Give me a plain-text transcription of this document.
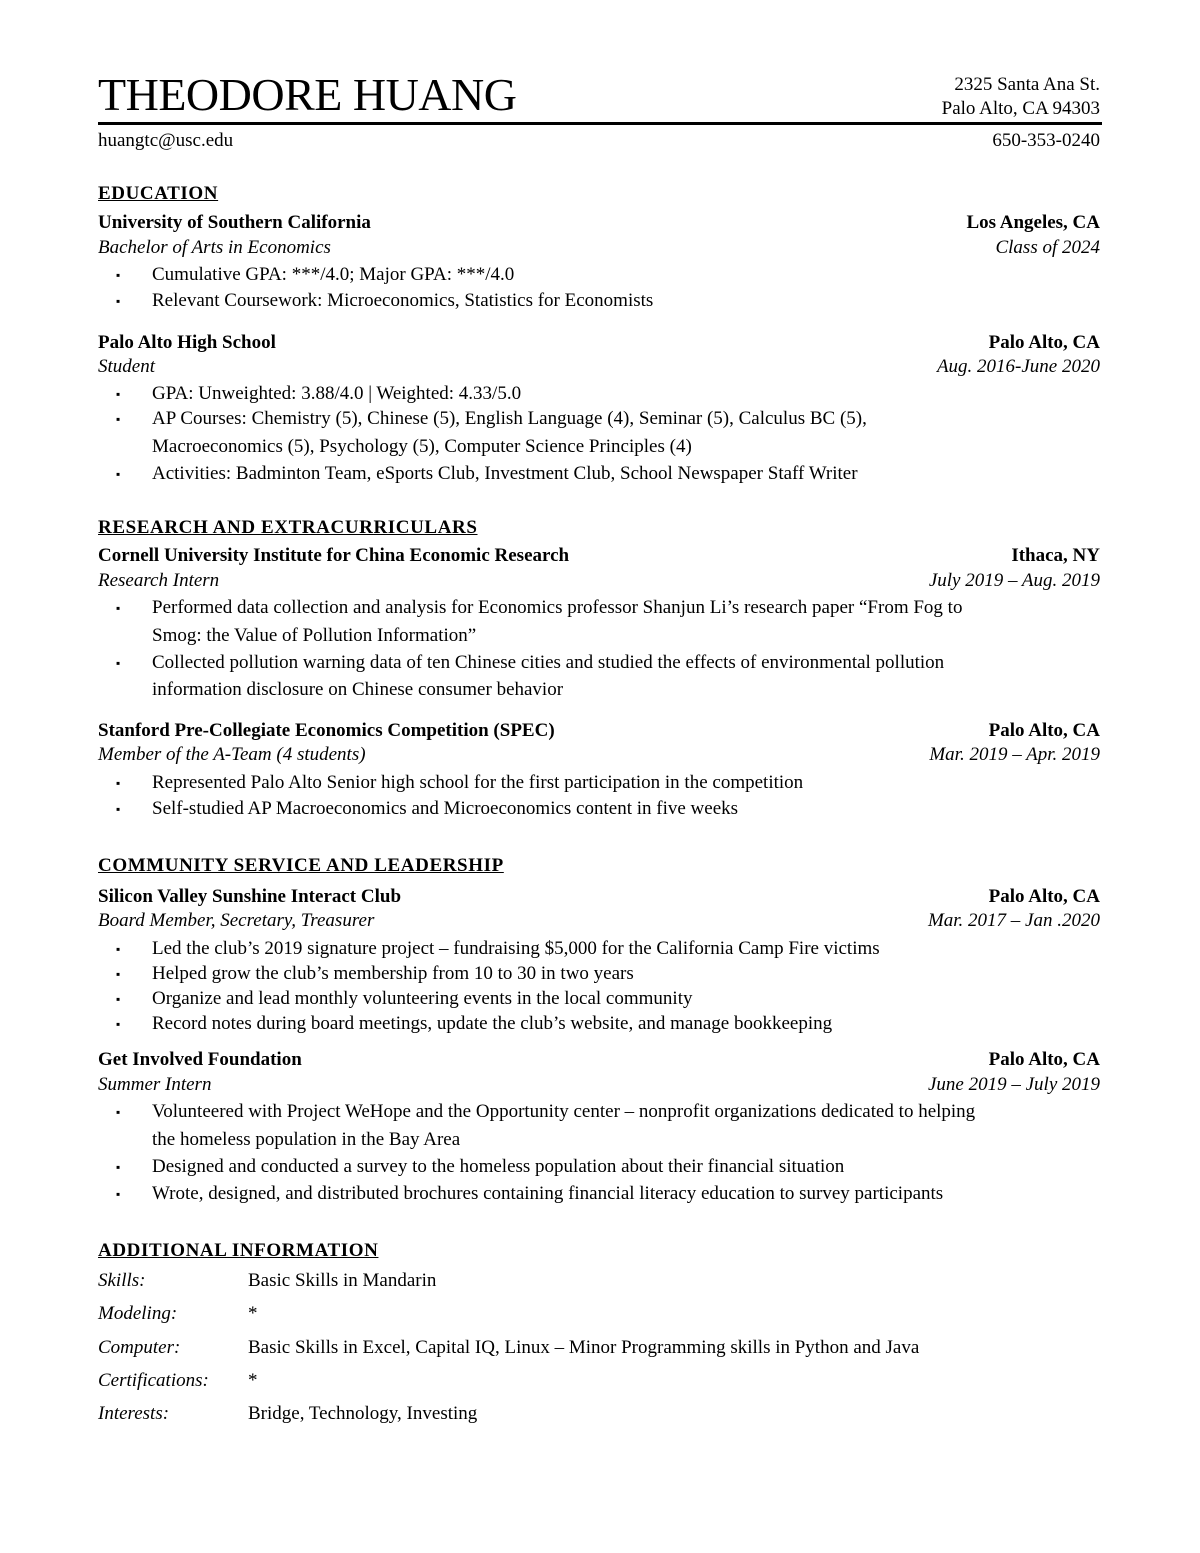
THEODORE HUANG	2325 Santa Ana St.
Palo Alto, CA 94303
huangtc@usc.edu	650-353-0240
EDUCATION
University of Southern California	Los Angeles, CA
Bachelor of Arts in Economics	Class of 2024
▪ Cumulative GPA: ***/4.0; Major GPA: ***/4.0
▪ Relevant Coursework: Microeconomics, Statistics for Economists
Palo Alto High School	Palo Alto, CA
Student	Aug. 2016-June 2020
▪ GPA: Unweighted: 3.88/4.0 | Weighted: 4.33/5.0
▪ AP Courses: Chemistry (5), Chinese (5), English Language (4), Seminar (5), Calculus BC (5),
Macroeconomics (5), Psychology (5), Computer Science Principles (4)
▪ Activities: Badminton Team, eSports Club, Investment Club, School Newspaper Staff Writer
RESEARCH AND EXTRACURRICULARS
Cornell University Institute for China Economic Research	Ithaca, NY
Research Intern	July 2019 – Aug. 2019
▪ Performed data collection and analysis for Economics professor Shanjun Li’s research paper “From Fog to
Smog: the Value of Pollution Information”
▪ Collected pollution warning data of ten Chinese cities and studied the effects of environmental pollution
information disclosure on Chinese consumer behavior
Stanford Pre-Collegiate Economics Competition (SPEC)	Palo Alto, CA
Member of the A-Team (4 students)	Mar. 2019 – Apr. 2019
▪ Represented Palo Alto Senior high school for the first participation in the competition
▪ Self-studied AP Macroeconomics and Microeconomics content in five weeks
COMMUNITY SERVICE AND LEADERSHIP
Silicon Valley Sunshine Interact Club	Palo Alto, CA
Board Member, Secretary, Treasurer	Mar. 2017 – Jan .2020
▪ Led the club’s 2019 signature project – fundraising $5,000 for the California Camp Fire victims
▪ Helped grow the club’s membership from 10 to 30 in two years
▪ Organize and lead monthly volunteering events in the local community
▪ Record notes during board meetings, update the club’s website, and manage bookkeeping
Get Involved Foundation	Palo Alto, CA
Summer Intern	June 2019 – July 2019
▪ Volunteered with Project WeHope and the Opportunity center – nonprofit organizations dedicated to helping
the homeless population in the Bay Area
▪ Designed and conducted a survey to the homeless population about their financial situation
▪ Wrote, designed, and distributed brochures containing financial literacy education to survey participants
ADDITIONAL INFORMATION
Skills:	Basic Skills in Mandarin
Modeling:	*
Computer:	Basic Skills in Excel, Capital IQ, Linux – Minor Programming skills in Python and Java
Certifications: *
Interests:	Bridge, Technology, Investing
